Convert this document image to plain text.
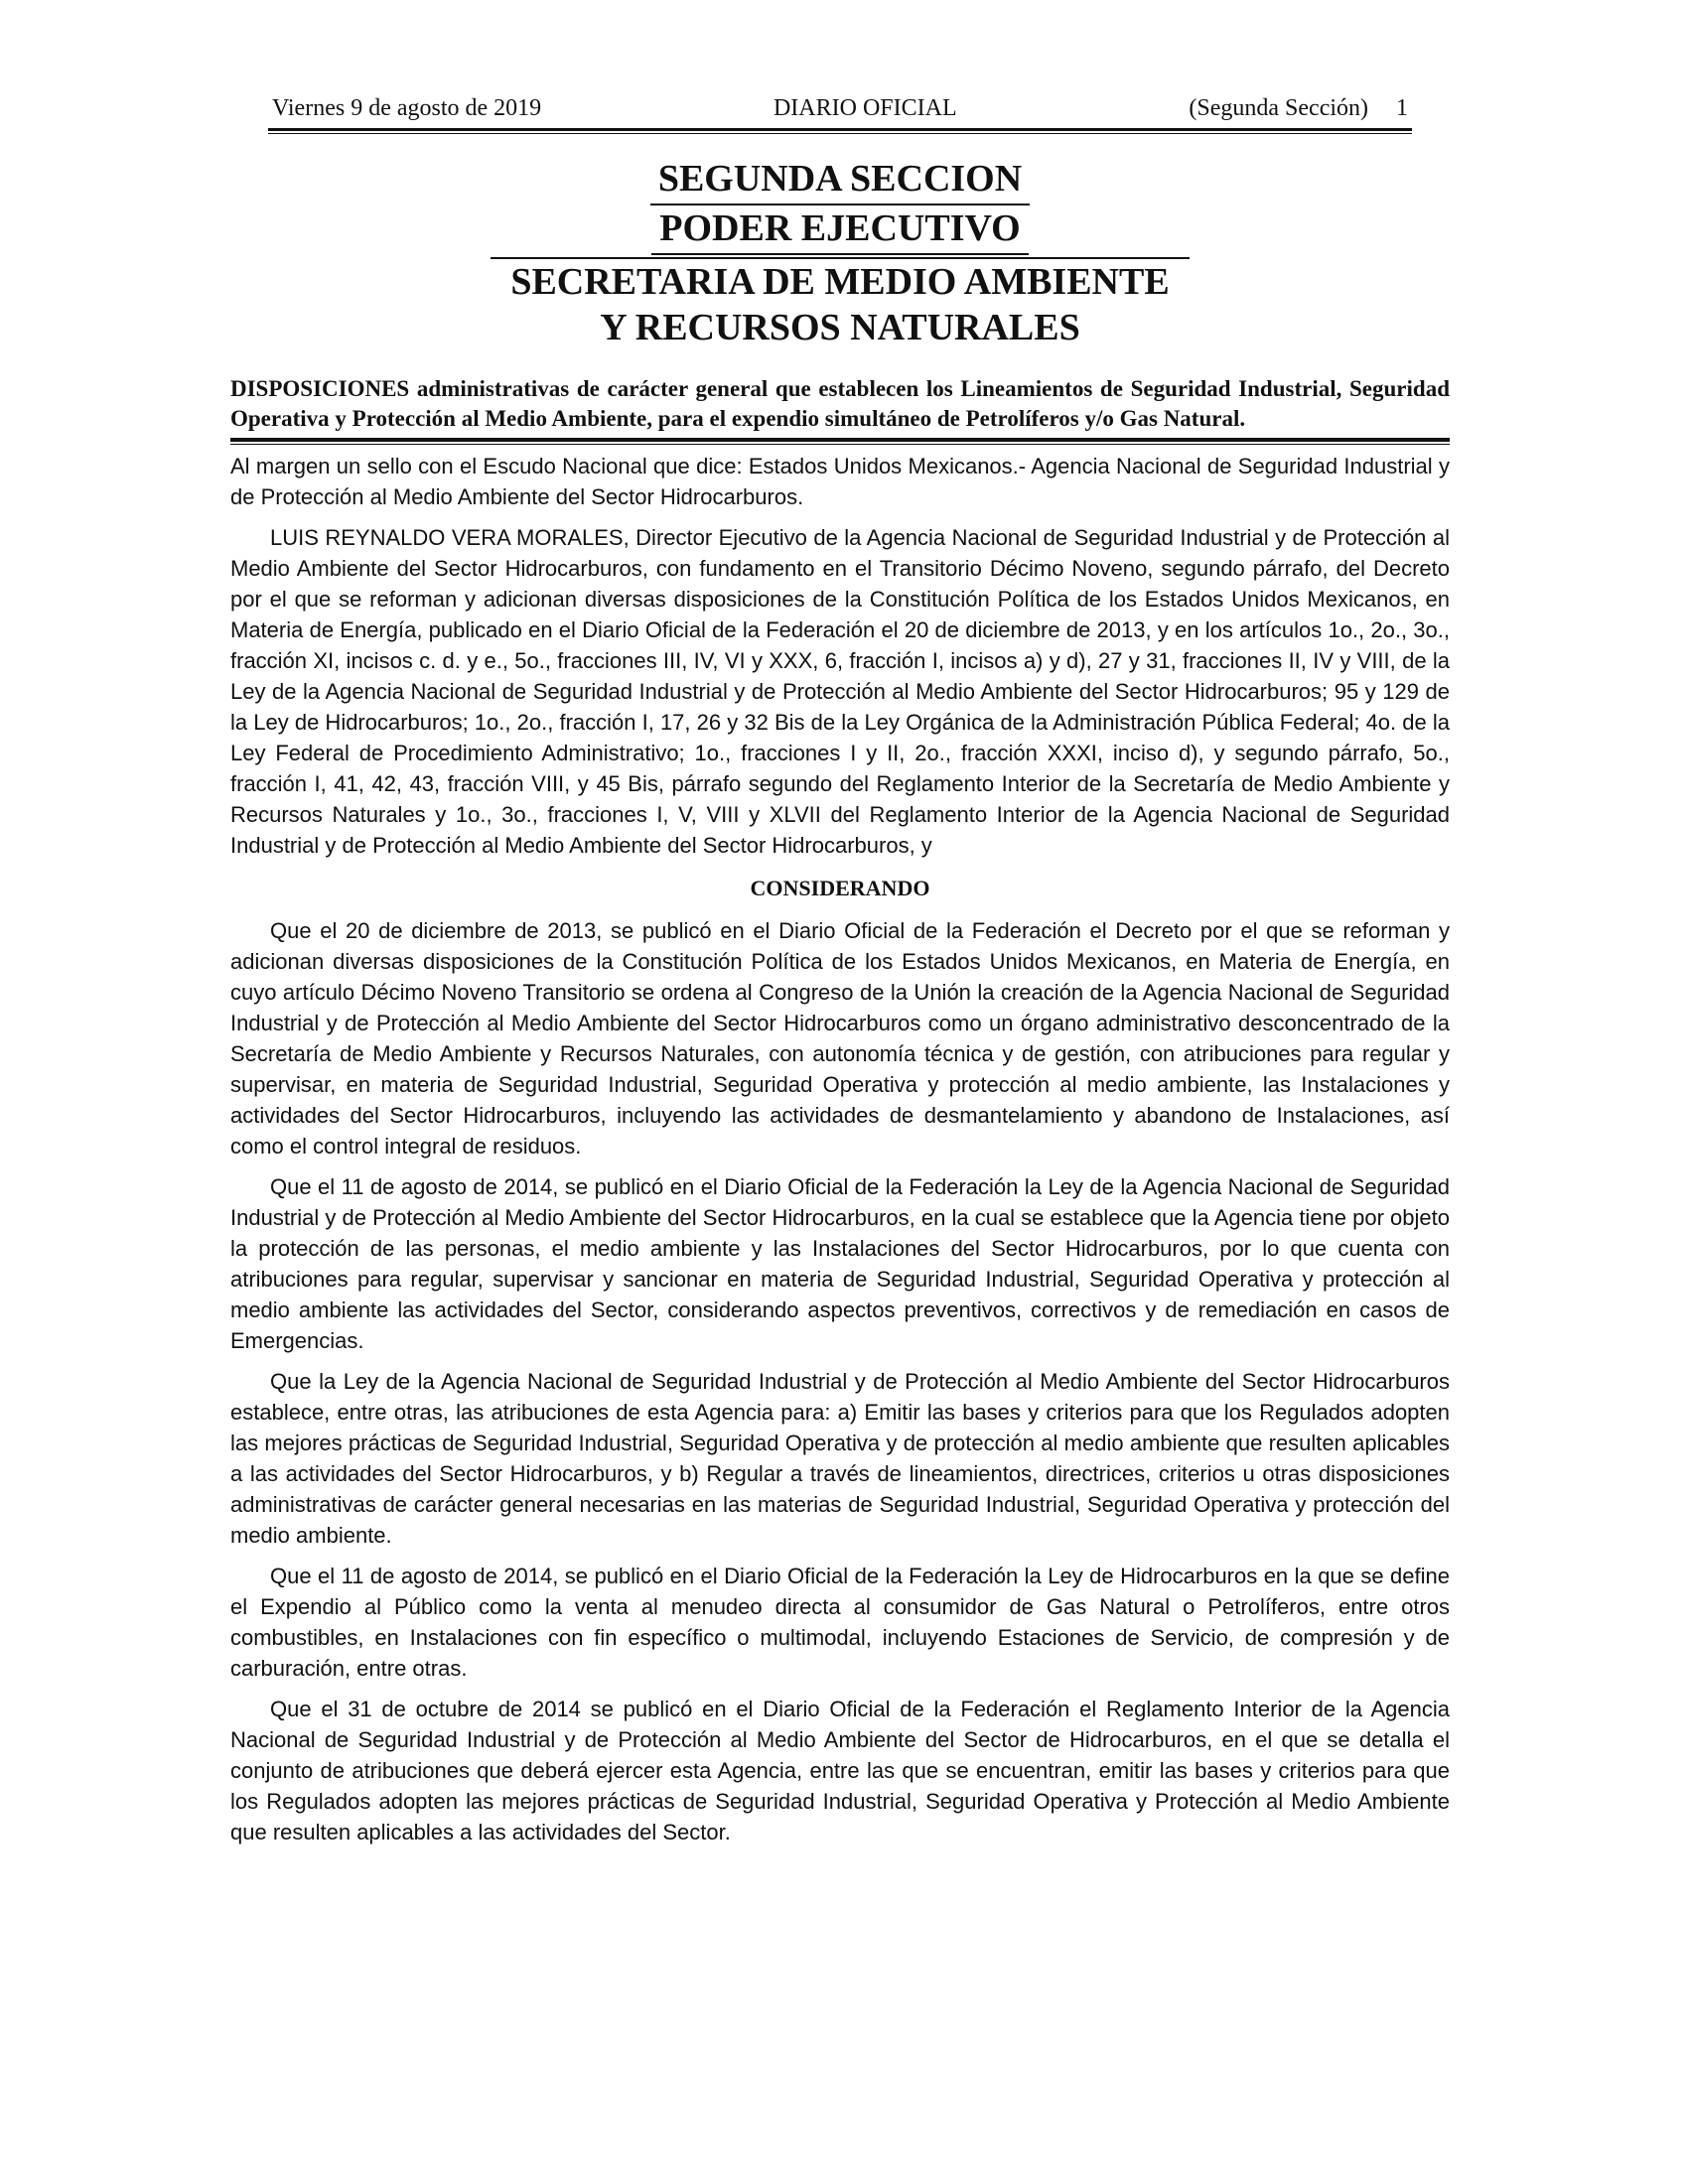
Viernes 9 de agosto de 2019	DIARIO OFICIAL	(Segunda Sección) 1
SEGUNDA SECCION
PODER EJECUTIVO
SECRETARIA DE MEDIO AMBIENTE
Y RECURSOS NATURALES
DISPOSICIONES administrativas de carácter general que establecen los Lineamientos de Seguridad Industrial, Seguridad Operativa y Protección al Medio Ambiente, para el expendio simultáneo de Petrolíferos y/o Gas Natural.

Al margen un sello con el Escudo Nacional que dice: Estados Unidos Mexicanos.- Agencia Nacional de Seguridad Industrial y de Protección al Medio Ambiente del Sector Hidrocarburos.

LUIS REYNALDO VERA MORALES, Director Ejecutivo de la Agencia Nacional de Seguridad Industrial y de Protección al Medio Ambiente del Sector Hidrocarburos, con fundamento en el Transitorio Décimo Noveno, segundo párrafo, del Decreto por el que se reforman y adicionan diversas disposiciones de la Constitución Política de los Estados Unidos Mexicanos, en Materia de Energía, publicado en el Diario Oficial de la Federación el 20 de diciembre de 2013, y en los artículos 1o., 2o., 3o., fracción XI, incisos c. d. y e., 5o., fracciones III, IV, VI y XXX, 6, fracción I, incisos a) y d), 27 y 31, fracciones II, IV y VIII, de la Ley de la Agencia Nacional de Seguridad Industrial y de Protección al Medio Ambiente del Sector Hidrocarburos; 95 y 129 de la Ley de Hidrocarburos; 1o., 2o., fracción I, 17, 26 y 32 Bis de la Ley Orgánica de la Administración Pública Federal; 4o. de la Ley Federal de Procedimiento Administrativo; 1o., fracciones I y II, 2o., fracción XXXI, inciso d), y segundo párrafo, 5o., fracción I, 41, 42, 43, fracción VIII, y 45 Bis, párrafo segundo del Reglamento Interior de la Secretaría de Medio Ambiente y Recursos Naturales y 1o., 3o., fracciones I, V, VIII y XLVII del Reglamento Interior de la Agencia Nacional de Seguridad Industrial y de Protección al Medio Ambiente del Sector Hidrocarburos, y

CONSIDERANDO

Que el 20 de diciembre de 2013, se publicó en el Diario Oficial de la Federación el Decreto por el que se reforman y adicionan diversas disposiciones de la Constitución Política de los Estados Unidos Mexicanos, en Materia de Energía, en cuyo artículo Décimo Noveno Transitorio se ordena al Congreso de la Unión la creación de la Agencia Nacional de Seguridad Industrial y de Protección al Medio Ambiente del Sector Hidrocarburos como un órgano administrativo desconcentrado de la Secretaría de Medio Ambiente y Recursos Naturales, con autonomía técnica y de gestión, con atribuciones para regular y supervisar, en materia de Seguridad Industrial, Seguridad Operativa y protección al medio ambiente, las Instalaciones y actividades del Sector Hidrocarburos, incluyendo las actividades de desmantelamiento y abandono de Instalaciones, así como el control integral de residuos.

Que el 11 de agosto de 2014, se publicó en el Diario Oficial de la Federación la Ley de la Agencia Nacional de Seguridad Industrial y de Protección al Medio Ambiente del Sector Hidrocarburos, en la cual se establece que la Agencia tiene por objeto la protección de las personas, el medio ambiente y las Instalaciones del Sector Hidrocarburos, por lo que cuenta con atribuciones para regular, supervisar y sancionar en materia de Seguridad Industrial, Seguridad Operativa y protección al medio ambiente las actividades del Sector, considerando aspectos preventivos, correctivos y de remediación en casos de Emergencias.

Que la Ley de la Agencia Nacional de Seguridad Industrial y de Protección al Medio Ambiente del Sector Hidrocarburos establece, entre otras, las atribuciones de esta Agencia para: a) Emitir las bases y criterios para que los Regulados adopten las mejores prácticas de Seguridad Industrial, Seguridad Operativa y de protección al medio ambiente que resulten aplicables a las actividades del Sector Hidrocarburos, y b) Regular a través de lineamientos, directrices, criterios u otras disposiciones administrativas de carácter general necesarias en las materias de Seguridad Industrial, Seguridad Operativa y protección del medio ambiente.

Que el 11 de agosto de 2014, se publicó en el Diario Oficial de la Federación la Ley de Hidrocarburos en la que se define el Expendio al Público como la venta al menudeo directa al consumidor de Gas Natural o Petrolíferos, entre otros combustibles, en Instalaciones con fin específico o multimodal, incluyendo Estaciones de Servicio, de compresión y de carburación, entre otras.

Que el 31 de octubre de 2014 se publicó en el Diario Oficial de la Federación el Reglamento Interior de la Agencia Nacional de Seguridad Industrial y de Protección al Medio Ambiente del Sector de Hidrocarburos, en el que se detalla el conjunto de atribuciones que deberá ejercer esta Agencia, entre las que se encuentran, emitir las bases y criterios para que los Regulados adopten las mejores prácticas de Seguridad Industrial, Seguridad Operativa y Protección al Medio Ambiente que resulten aplicables a las actividades del Sector.
